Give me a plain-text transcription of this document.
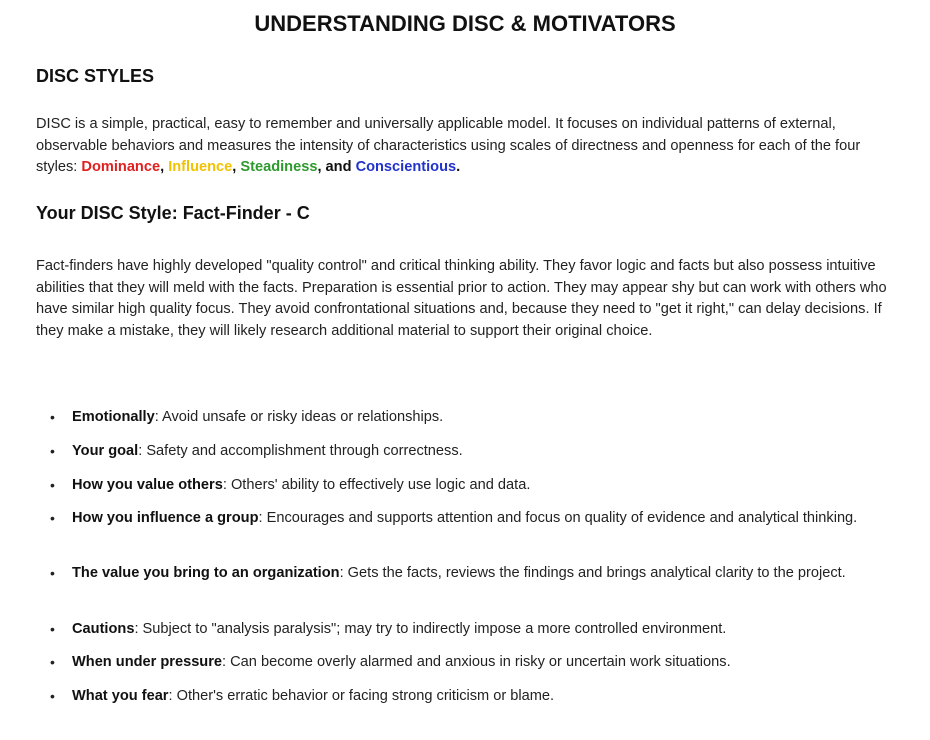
UNDERSTANDING DISC & MOTIVATORS
DISC STYLES

DISC is a simple, practical, easy to remember and universally applicable model. It focuses on individual patterns of external, observable behaviors and measures the intensity of characteristics using scales of directness and openness for each of the four styles: Dominance, Influence, Steadiness, and Conscientious.

Your DISC Style: Fact-Finder - C

Fact-finders have highly developed "quality control" and critical thinking ability. They favor logic and facts but also possess intuitive abilities that they will meld with the facts. Preparation is essential prior to action. They may appear shy but can work with others who have similar high quality focus. They avoid confrontational situations and, because they need to "get it right," can delay decisions. If they make a mistake, they will likely research additional material to support their original choice.

• Emotionally: Avoid unsafe or risky ideas or relationships.
• Your goal: Safety and accomplishment through correctness.
• How you value others: Others' ability to effectively use logic and data.
• How you influence a group: Encourages and supports attention and focus on quality of evidence and analytical thinking.
• The value you bring to an organization: Gets the facts, reviews the findings and brings analytical clarity to the project.
• Cautions: Subject to "analysis paralysis"; may try to indirectly impose a more controlled environment.
• When under pressure: Can become overly alarmed and anxious in risky or uncertain work situations.
• What you fear: Other's erratic behavior or facing strong criticism or blame.
